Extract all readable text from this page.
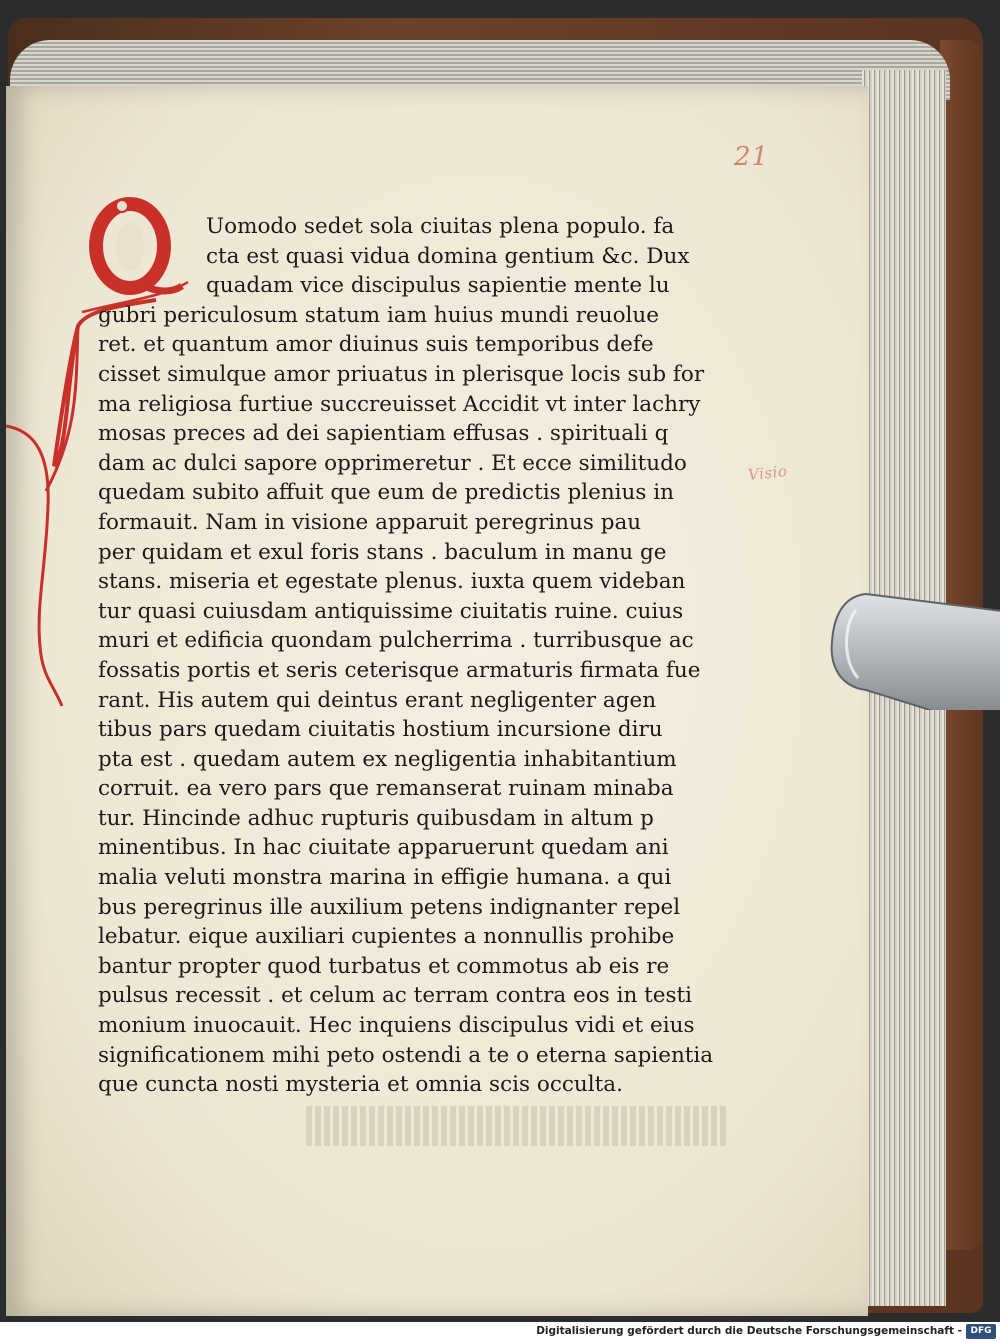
21
Visio
Uomodo sedet sola ciuitas plena populo. fa
cta est quasi vidua domina gentium &c. Dux
quadam vice discipulus sapientie mente lu
gubri periculosum statum iam huius mundi reuolue
ret. et quantum amor diuinus suis temporibus defe
cisset simulque amor priuatus in plerisque locis sub for
ma religiosa furtiue succreuisset Accidit vt inter lachry
mosas preces ad dei sapientiam effusas . spirituali q
dam ac dulci sapore opprimeretur . Et ecce similitudo
quedam subito affuit que eum de predictis plenius in
formauit. Nam in visione apparuit peregrinus pau
per quidam et exul foris stans . baculum in manu ge
stans. miseria et egestate plenus. iuxta quem videban
tur quasi cuiusdam antiquissime ciuitatis ruine. cuius
muri et edificia quondam pulcherrima . turribusque ac
fossatis portis et seris ceterisque armaturis firmata fue
rant. His autem qui deintus erant negligenter agen
tibus pars quedam ciuitatis hostium incursione diru
pta est . quedam autem ex negligentia inhabitantium
corruit. ea vero pars que remanserat ruinam minaba
tur. Hincinde adhuc rupturis quibusdam in altum p
minentibus. In hac ciuitate apparuerunt quedam ani
malia veluti monstra marina in effigie humana. a qui
bus peregrinus ille auxilium petens indignanter repel
lebatur. eique auxiliari cupientes a nonnullis prohibe
bantur propter quod turbatus et commotus ab eis re
pulsus recessit . et celum ac terram contra eos in testi
monium inuocauit. Hec inquiens discipulus vidi et eius
significationem mihi peto ostendi a te o eterna sapientia
que cuncta nosti mysteria et omnia scis occulta.
Digitalisierung gefördert durch die Deutsche Forschungsgemeinschaft - DFG
